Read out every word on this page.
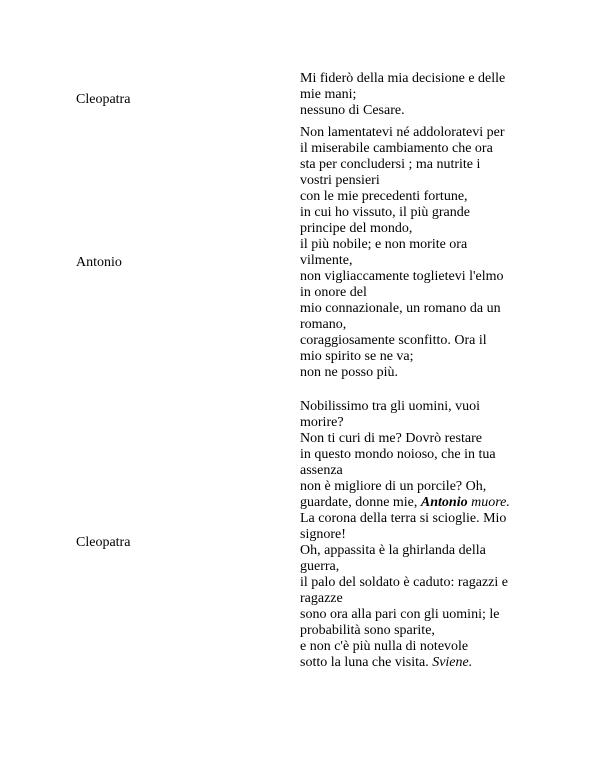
Cleopatra
Mi fiderò della mia decisione e delle
mie mani;
nessuno di Cesare.
Antonio
Non lamentatevi né addoloratevi per
il miserabile cambiamento che ora
sta per concludersi ; ma nutrite i
vostri pensieri
con le mie precedenti fortune,
in cui ho vissuto, il più grande
principe del mondo,
il più nobile; e non morite ora
vilmente,
non vigliaccamente toglietevi l'elmo
in onore del
mio connazionale, un romano da un
romano,
coraggiosamente sconfitto. Ora il
mio spirito se ne va;
non ne posso più.
Cleopatra
Nobilissimo tra gli uomini, vuoi
morire?
Non ti curi di me? Dovrò restare
in questo mondo noioso, che in tua
assenza
non è migliore di un porcile? Oh,
guardate, donne mie, Antonio muore.
La corona della terra si scioglie. Mio
signore!
Oh, appassita è la ghirlanda della
guerra,
il palo del soldato è caduto: ragazzi e
ragazze
sono ora alla pari con gli uomini; le
probabilità sono sparite,
e non c'è più nulla di notevole
sotto la luna che visita. Sviene.
